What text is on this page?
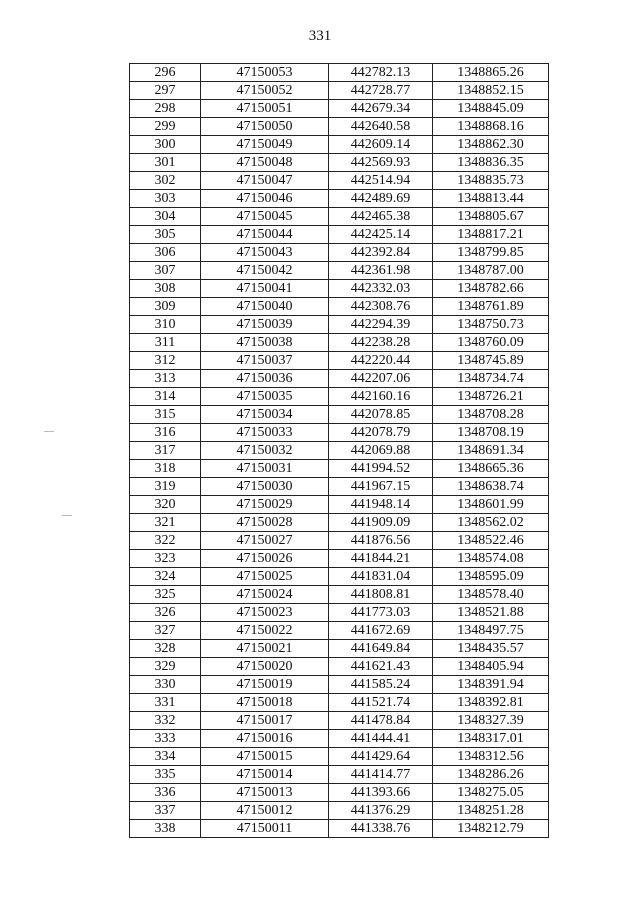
331
296	47150053	442782.13	1348865.26
297	47150052	442728.77	1348852.15
298	47150051	442679.34	1348845.09
299	47150050	442640.58	1348868.16
300	47150049	442609.14	1348862.30
301	47150048	442569.93	1348836.35
302	47150047	442514.94	1348835.73
303	47150046	442489.69	1348813.44
304	47150045	442465.38	1348805.67
305	47150044	442425.14	1348817.21
306	47150043	442392.84	1348799.85
307	47150042	442361.98	1348787.00
308	47150041	442332.03	1348782.66
309	47150040	442308.76	1348761.89
310	47150039	442294.39	1348750.73
311	47150038	442238.28	1348760.09
312	47150037	442220.44	1348745.89
313	47150036	442207.06	1348734.74
314	47150035	442160.16	1348726.21
315	47150034	442078.85	1348708.28
316	47150033	442078.79	1348708.19
317	47150032	442069.88	1348691.34
318	47150031	441994.52	1348665.36
319	47150030	441967.15	1348638.74
320	47150029	441948.14	1348601.99
321	47150028	441909.09	1348562.02
322	47150027	441876.56	1348522.46
323	47150026	441844.21	1348574.08
324	47150025	441831.04	1348595.09
325	47150024	441808.81	1348578.40
326	47150023	441773.03	1348521.88
327	47150022	441672.69	1348497.75
328	47150021	441649.84	1348435.57
329	47150020	441621.43	1348405.94
330	47150019	441585.24	1348391.94
331	47150018	441521.74	1348392.81
332	47150017	441478.84	1348327.39
333	47150016	441444.41	1348317.01
334	47150015	441429.64	1348312.56
335	47150014	441414.77	1348286.26
336	47150013	441393.66	1348275.05
337	47150012	441376.29	1348251.28
338	47150011	441338.76	1348212.79
